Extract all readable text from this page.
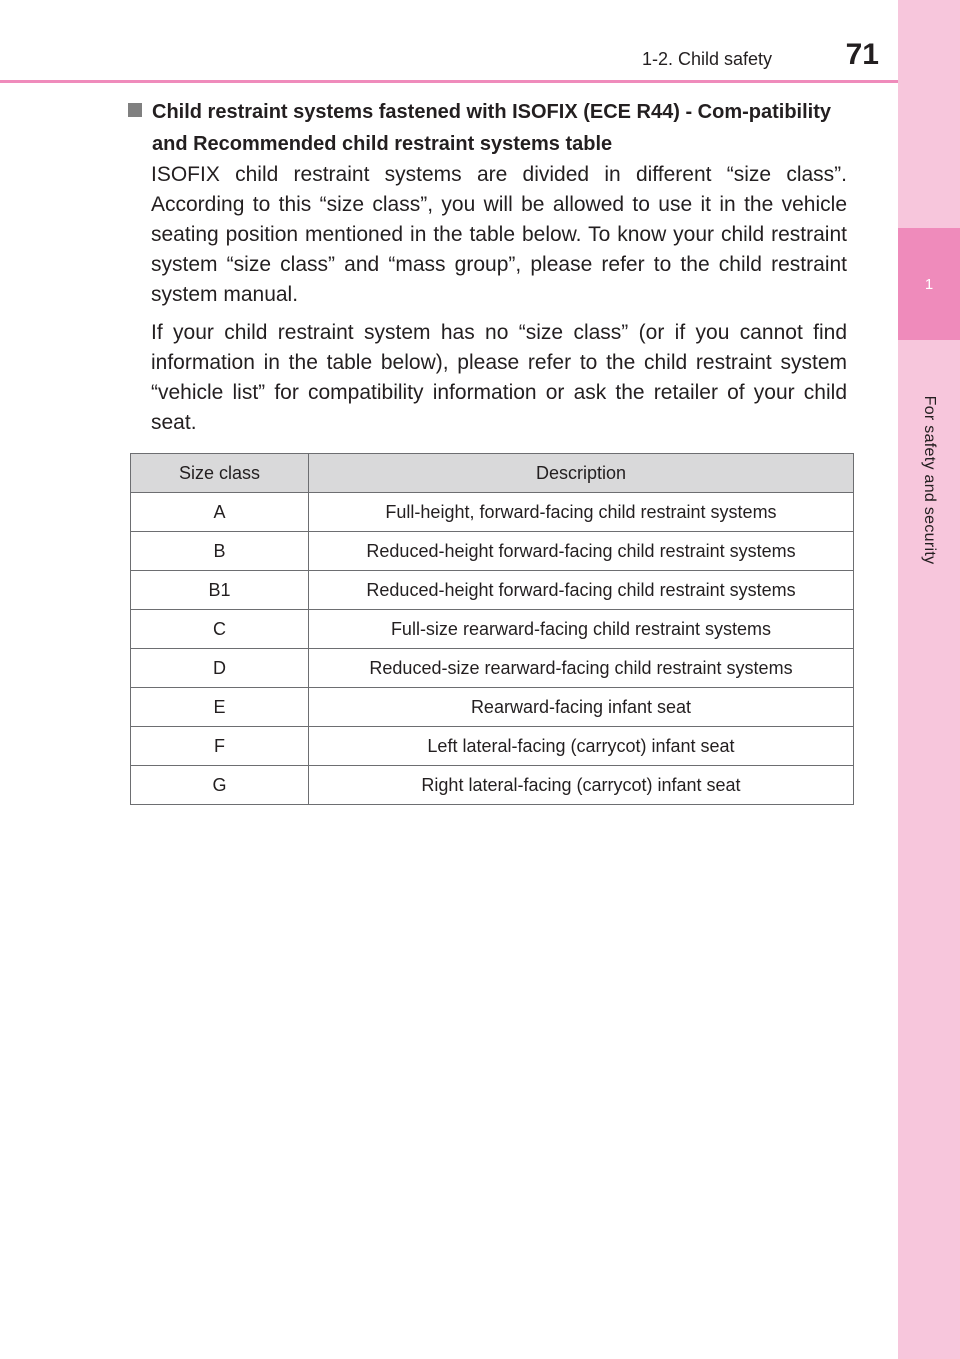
1
For safety and security
1-2. Child safety	71

Child restraint systems fastened with ISOFIX (ECE R44) - Com-patibility and Recommended child restraint systems table

ISOFIX child restraint systems are divided in different “size class”. According to this “size class”, you will be allowed to use it in the vehicle seating position mentioned in the table below. To know your child restraint system “size class” and “mass group”, please refer to the child restraint system manual.

If your child restraint system has no “size class” (or if you cannot find information in the table below), please refer to the child restraint system “vehicle list” for compatibility information or ask the retailer of your child seat.

Size class	Description
A	Full-height, forward-facing child restraint systems
B	Reduced-height forward-facing child restraint systems
B1	Reduced-height forward-facing child restraint systems
C	Full-size rearward-facing child restraint systems
D	Reduced-size rearward-facing child restraint systems
E	Rearward-facing infant seat
F	Left lateral-facing (carrycot) infant seat
G	Right lateral-facing (carrycot) infant seat
